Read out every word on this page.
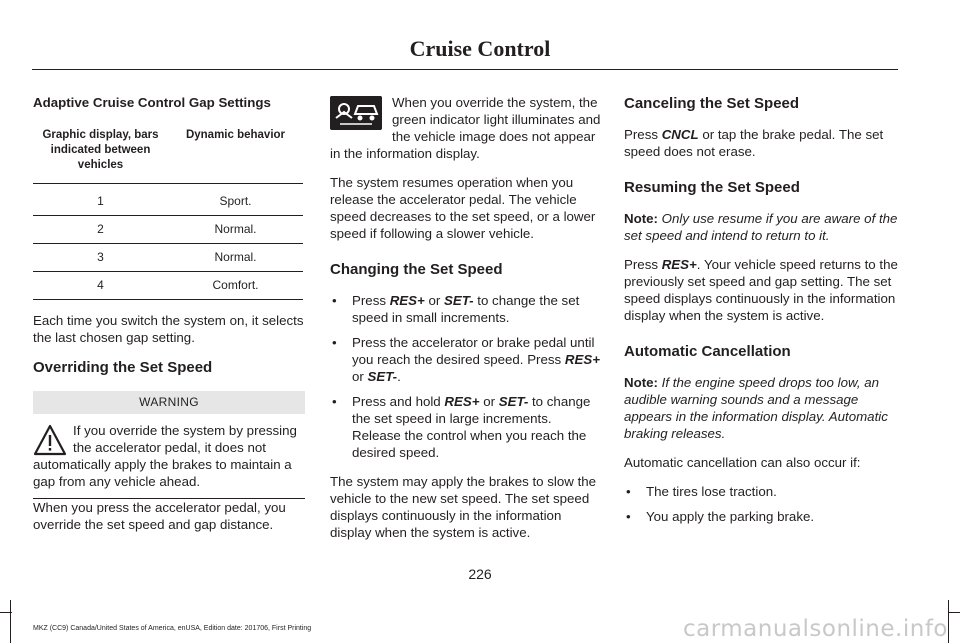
Cruise Control
Adaptive Cruise Control Gap Settings
Graphic display, bars indicated between vehicles	Dynamic behavior
1	Sport.
2	Normal.
3	Normal.
4	Comfort.

Each time you switch the system on, it selects the last chosen gap setting.

Overriding the Set Speed
WARNING

If you override the system by pressing the accelerator pedal, it does not automatically apply the brakes to maintain a gap from any vehicle ahead.

When you press the accelerator pedal, you override the set speed and gap distance.

When you override the system, the green indicator light illuminates and the vehicle image does not appear in the information display.

The system resumes operation when you release the accelerator pedal. The vehicle speed decreases to the set speed, or a lower speed if following a slower vehicle.

Changing the Set Speed
• Press RES+ or SET- to change the set speed in small increments.
• Press the accelerator or brake pedal until you reach the desired speed. Press RES+ or SET-.
• Press and hold RES+ or SET- to change the set speed in large increments. Release the control when you reach the desired speed.

The system may apply the brakes to slow the vehicle to the new set speed. The set speed displays continuously in the information display when the system is active.

Canceling the Set Speed

Press CNCL or tap the brake pedal. The set speed does not erase.

Resuming the Set Speed

Note: Only use resume if you are aware of the set speed and intend to return to it.

Press RES+. Your vehicle speed returns to the previously set speed and gap setting. The set speed displays continuously in the information display when the system is active.

Automatic Cancellation

Note: If the engine speed drops too low, an audible warning sounds and a message appears in the information display. Automatic braking releases.

Automatic cancellation can also occur if:

• The tires lose traction.
• You apply the parking brake.
226
MKZ (CC9) Canada/United States of America, enUSA, Edition date: 201706, First Printing	carmanualsonline.info
